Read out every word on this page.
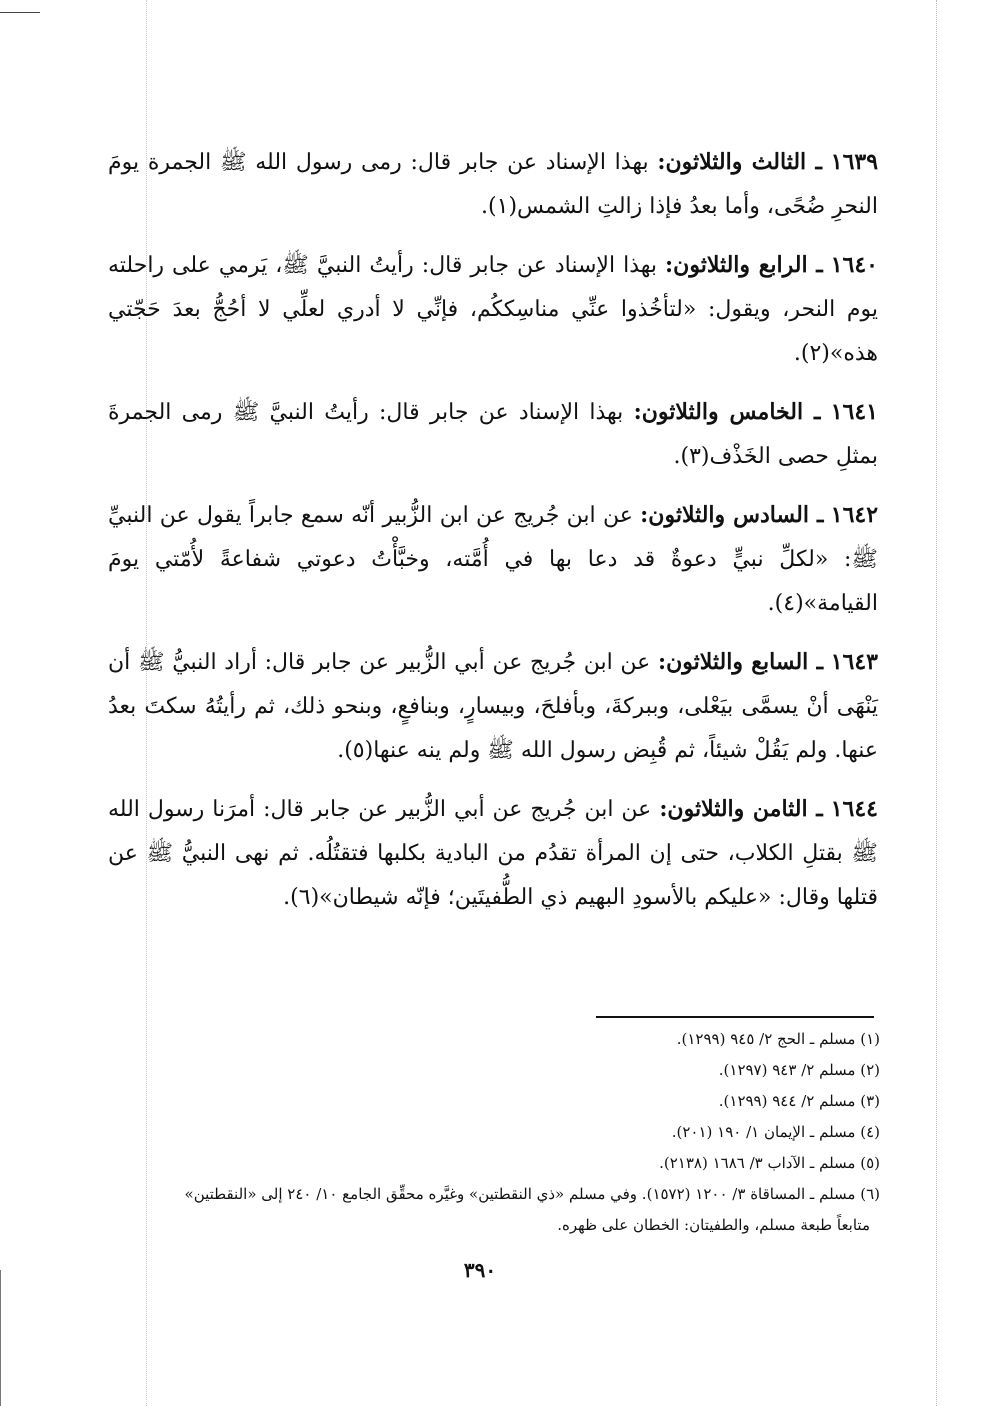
١٦٣٩ ـ الثالث والثلاثون: بهذا الإسناد عن جابر قال: رمى رسول الله ﷺ الجمرة يومَ النحرِ ضُحًى، وأما بعدُ فإذا زالتِ الشمس(١).

١٦٤٠ ـ الرابع والثلاثون: بهذا الإسناد عن جابر قال: رأيتُ النبيَّ ﷺ، يَرمي على راحلته يوم النحر، ويقول: «لتأخُذوا عنِّي مناسِككُم، فإنِّي لا أدري لعلِّي لا أحُجُّ بعدَ حَجّتي هذه»(٢).

١٦٤١ ـ الخامس والثلاثون: بهذا الإسناد عن جابر قال: رأيتُ النبيَّ ﷺ رمى الجمرةَ بمثلِ حصى الخَذْف(٣).

١٦٤٢ ـ السادس والثلاثون: عن ابن جُريج عن ابن الزُّبير أنّه سمع جابراً يقول عن النبيِّ ﷺ: «لكلِّ نبيٍّ دعوةٌ قد دعا بها في أُمَّته، وخبَّأْتُ دعوتي شفاعةً لأُمّتي يومَ القيامة»(٤).

١٦٤٣ ـ السابع والثلاثون: عن ابن جُريج عن أبي الزُّبير عن جابر قال: أراد النبيُّ ﷺ أن يَنْهَى أنْ يسمَّى بيَعْلى، وببركةَ، وبأفلحَ، وبيسارٍ، وبنافعٍ، وبنحو ذلك، ثم رأيتُهُ سكتَ بعدُ عنها. ولم يَقُلْ شيئاً، ثم قُبِض رسول الله ﷺ ولم ينه عنها(٥).

١٦٤٤ ـ الثامن والثلاثون: عن ابن جُريج عن أبي الزُّبير عن جابر قال: أمرَنا رسول الله ﷺ بقتلِ الكلاب، حتى إن المرأة تقدُم من البادية بكلبها فتقتُلُه. ثم نهى النبيُّ ﷺ عن قتلها وقال: «عليكم بالأسودِ البهيم ذي الطُّفيتَين؛ فإنّه شيطان»(٦).

(١) مسلم ـ الحج ٢/ ٩٤٥ (١٢٩٩).

(٢) مسلم ٢/ ٩٤٣ (١٢٩٧).

(٣) مسلم ٢/ ٩٤٤ (١٢٩٩).

(٤) مسلم ـ الإيمان ١/ ١٩٠ (٢٠١).

(٥) مسلم ـ الآداب ٣/ ١٦٨٦ (٢١٣٨).

(٦) مسلم ـ المساقاة ٣/ ١٢٠٠ (١٥٧٢). وفي مسلم «ذي النقطتين» وغيَّره محقِّق الجامع ١٠/ ٢٤٠ إلى «النقطتين»

متابعاً طبعة مسلم، والطفيتان: الخطان على ظهره.

٣٩٠
